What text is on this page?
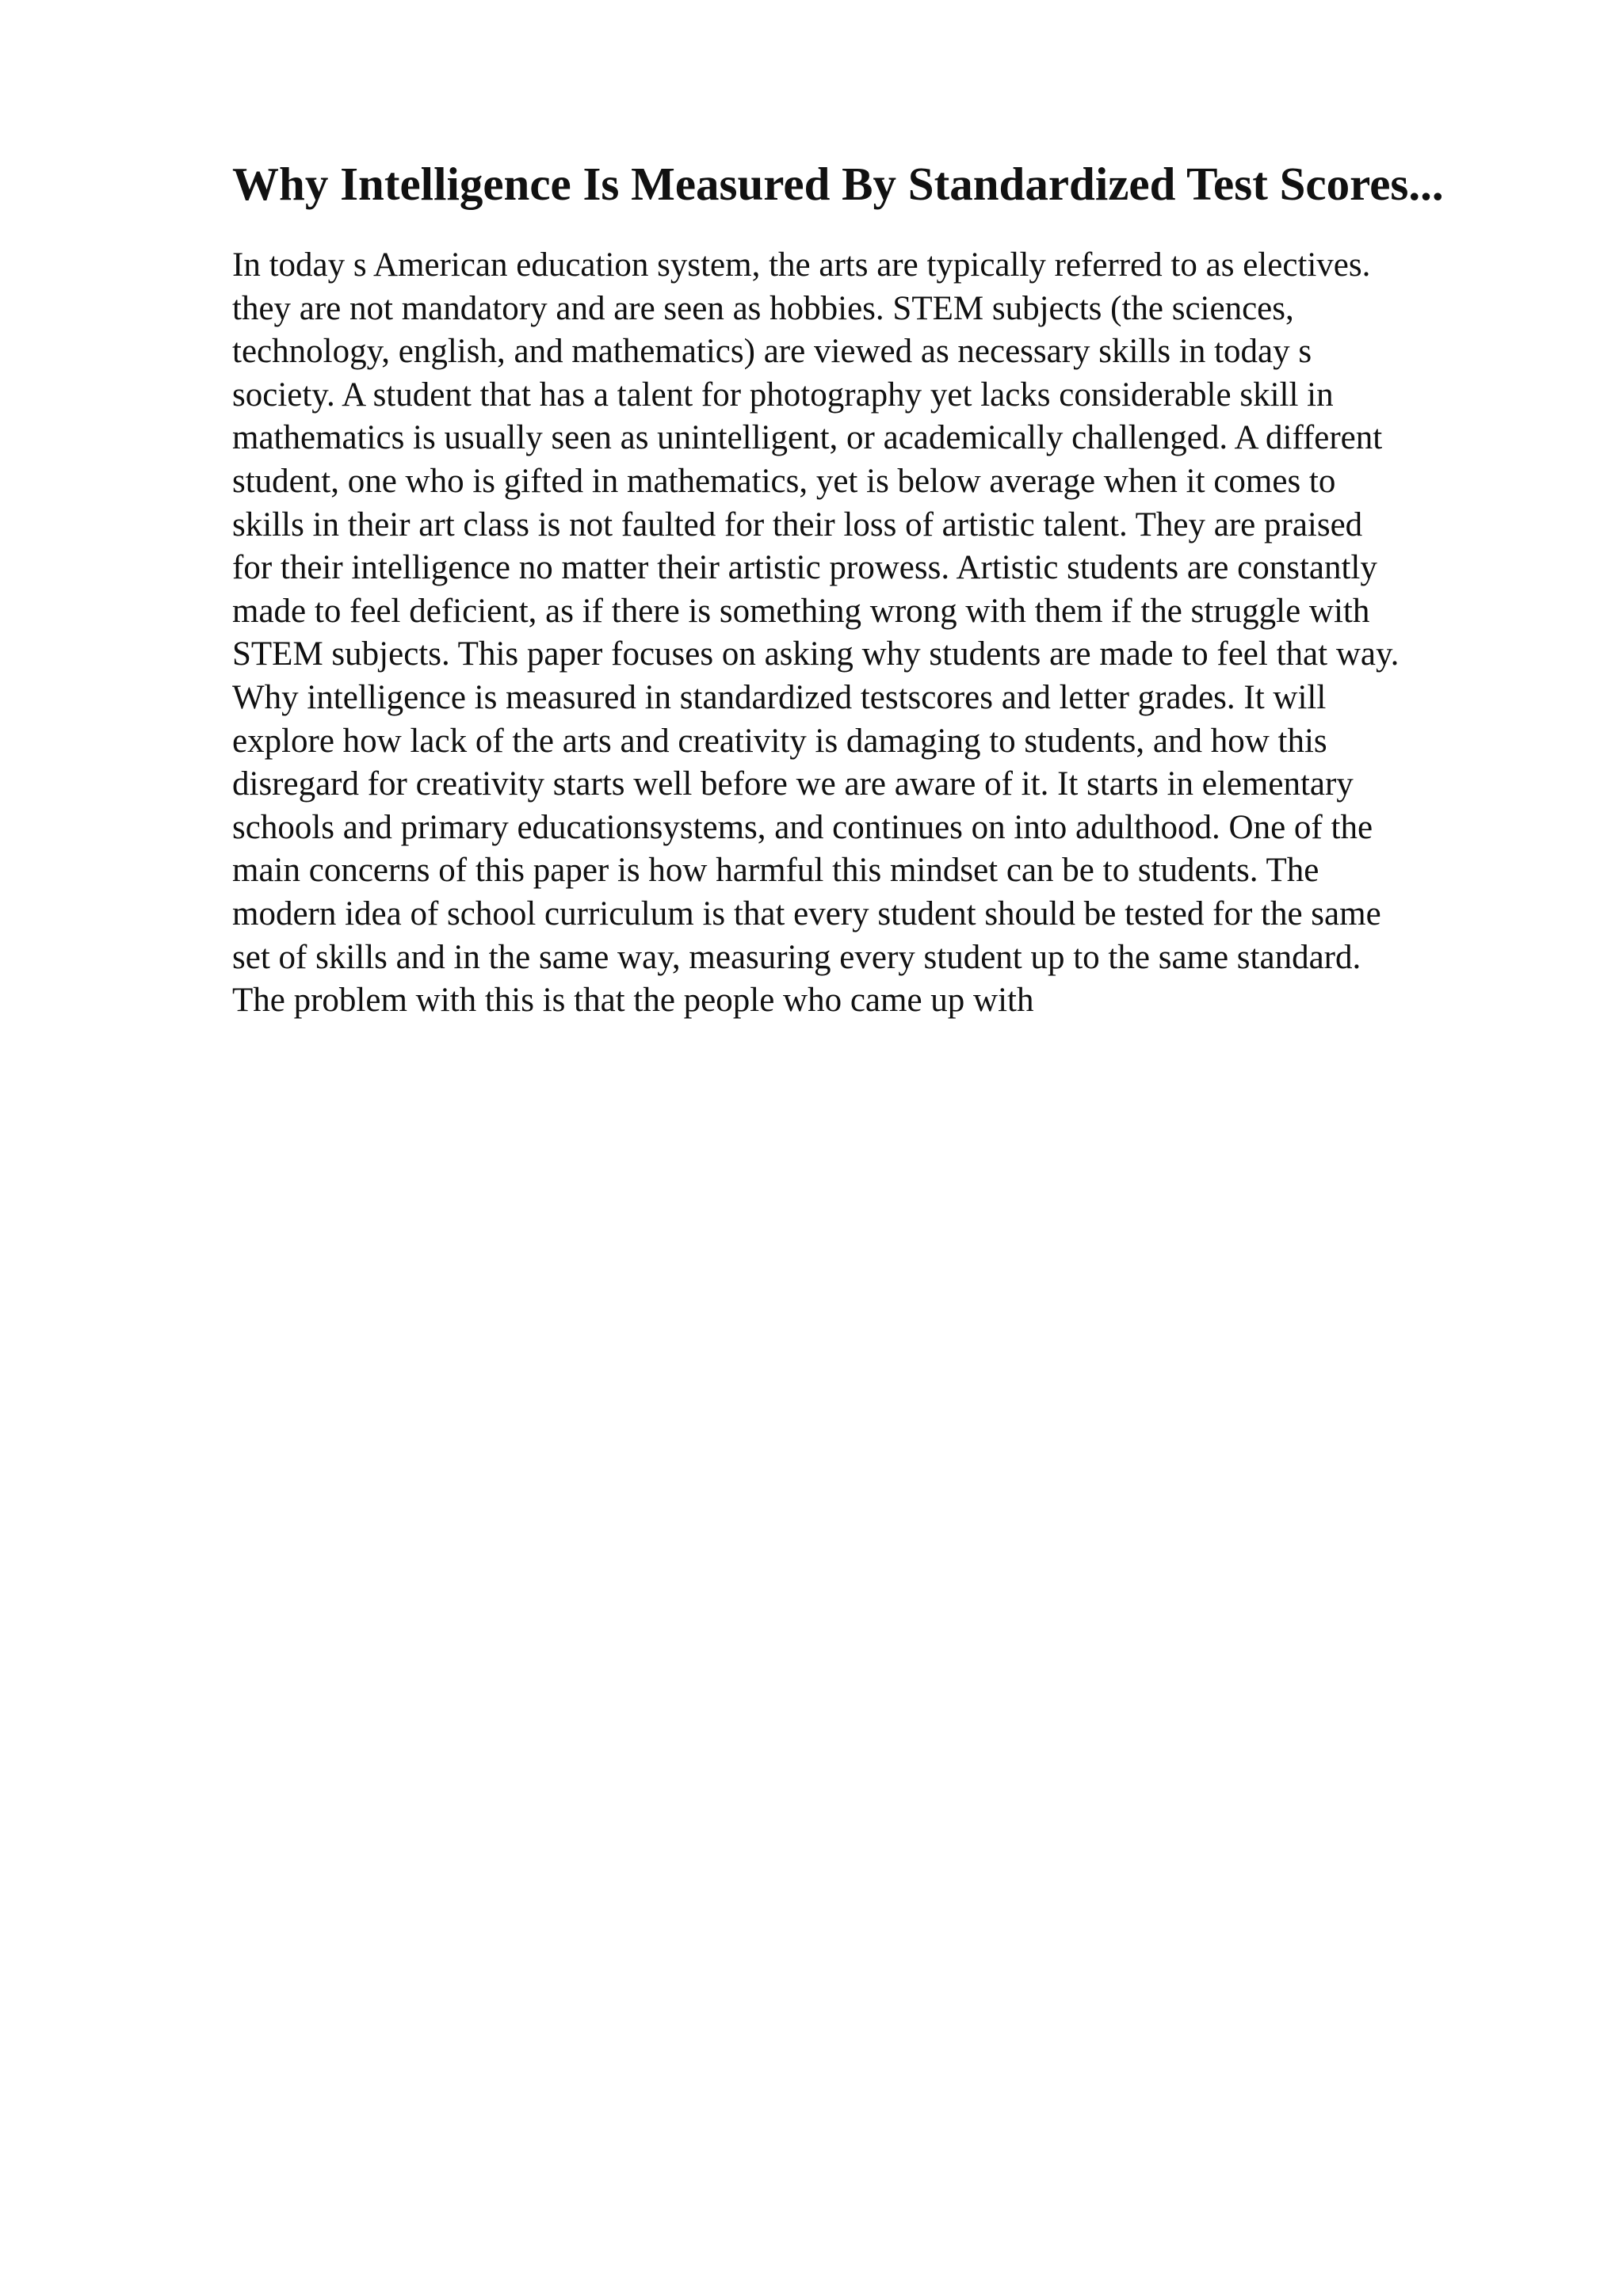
Why Intelligence Is Measured By Standardized Test Scores...
In today s American education system, the arts are typically referred to as electives.
they are not mandatory and are seen as hobbies. STEM subjects (the sciences,
technology, english, and mathematics) are viewed as necessary skills in today s
society. A student that has a talent for photography yet lacks considerable skill in
mathematics is usually seen as unintelligent, or academically challenged. A different
student, one who is gifted in mathematics, yet is below average when it comes to
skills in their art class is not faulted for their loss of artistic talent. They are praised
for their intelligence no matter their artistic prowess. Artistic students are constantly
made to feel deficient, as if there is something wrong with them if the struggle with
STEM subjects. This paper focuses on asking why students are made to feel that way.
Why intelligence is measured in standardized testscores and letter grades. It will
explore how lack of the arts and creativity is damaging to students, and how this
disregard for creativity starts well before we are aware of it. It starts in elementary
schools and primary educationsystems, and continues on into adulthood. One of the
main concerns of this paper is how harmful this mindset can be to students. The
modern idea of school curriculum is that every student should be tested for the same
set of skills and in the same way, measuring every student up to the same standard.
The problem with this is that the people who came up with
